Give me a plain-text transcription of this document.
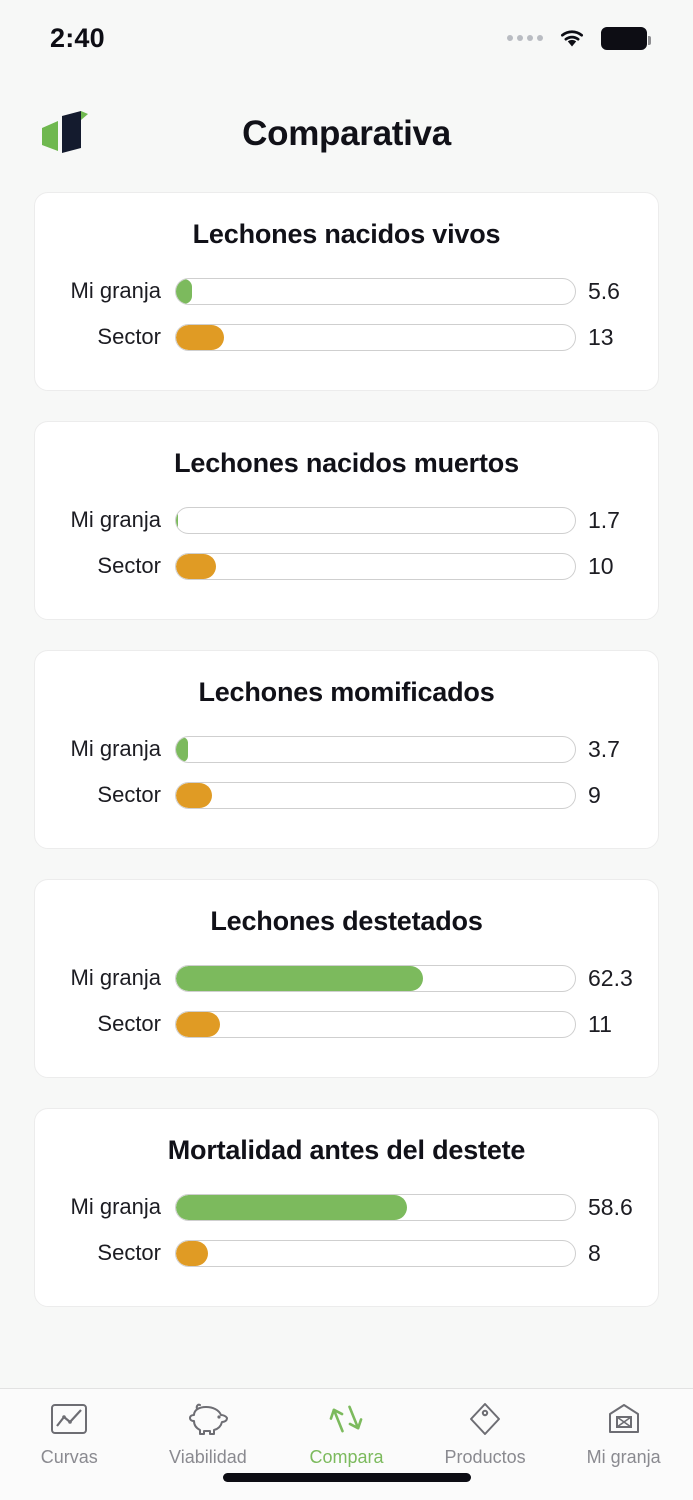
2:40
Comparativa
Lechones nacidos vivos
Mi granja	5.6
Sector	13
Lechones nacidos muertos
Mi granja	1.7
Sector	10
Lechones momificados
Mi granja	3.7
Sector	9
Lechones destetados
Mi granja	62.3
Sector	11
Mortalidad antes del destete
Mi granja	58.6
Sector	8
Curvas	Viabilidad	Compara	Productos	Mi granja
